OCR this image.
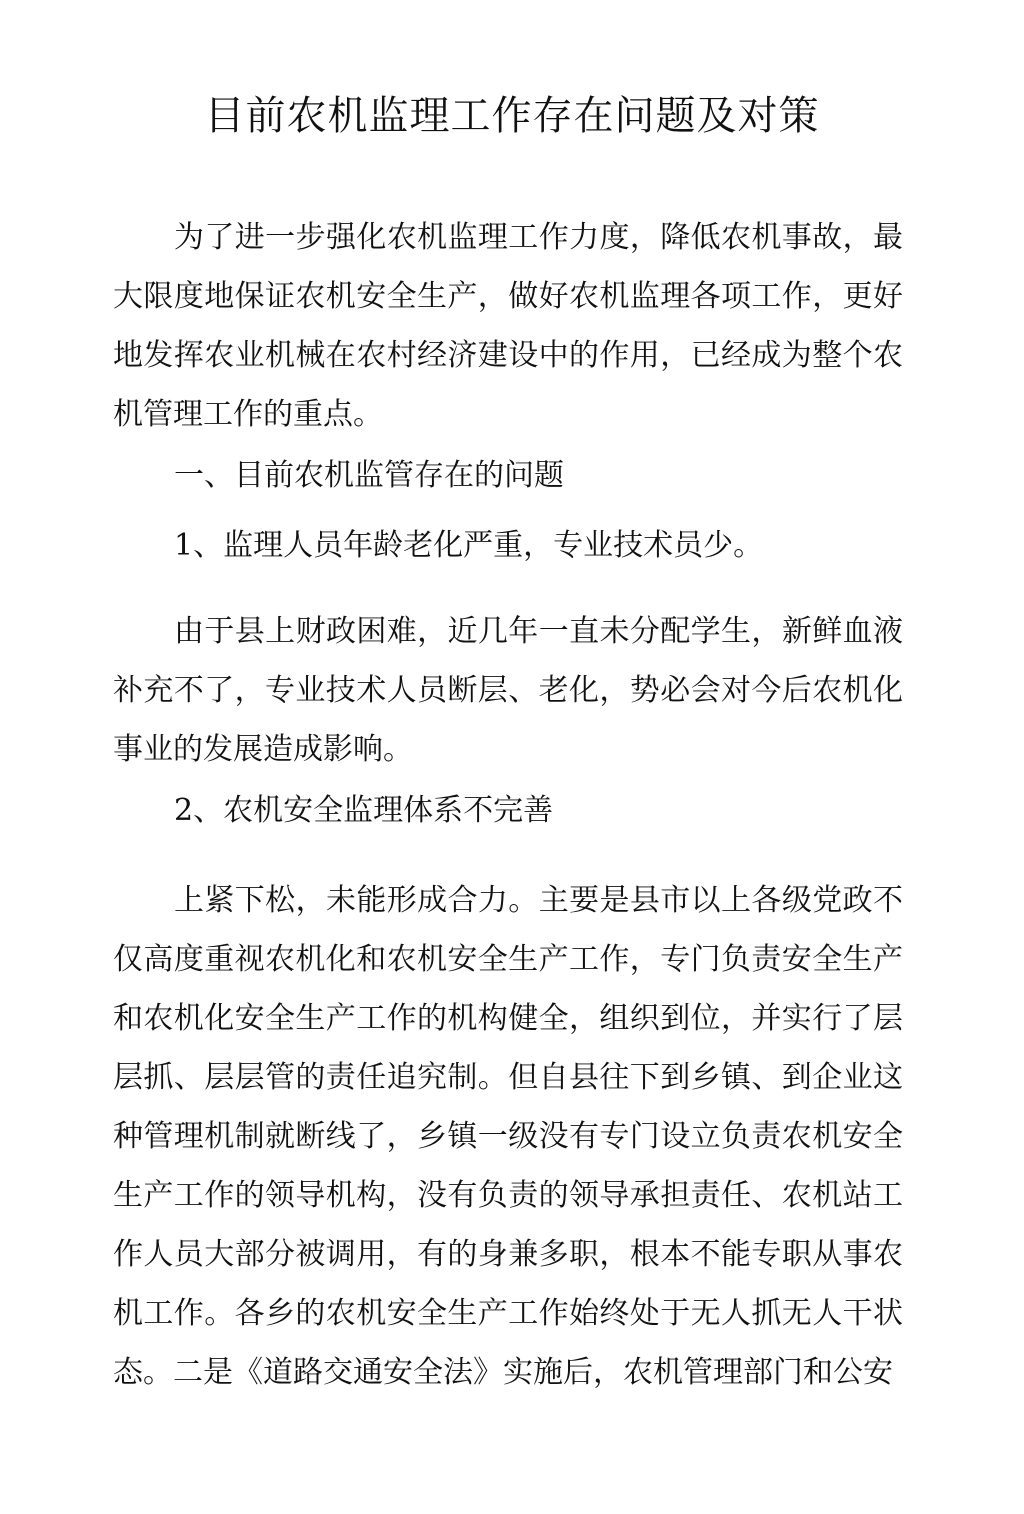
目前农机监理工作存在问题及对策

为了进一步强化农机监理工作力度，降低农机事故，最大限度地保证农机安全生产，做好农机监理各项工作，更好地发挥农业机械在农村经济建设中的作用，已经成为整个农机管理工作的重点。

一、目前农机监管存在的问题

1、监理人员年龄老化严重，专业技术员少。

由于县上财政困难，近几年一直未分配学生，新鲜血液补充不了，专业技术人员断层、老化，势必会对今后农机化事业的发展造成影响。

2、农机安全监理体系不完善

上紧下松，未能形成合力。主要是县市以上各级党政不仅高度重视农机化和农机安全生产工作，专门负责安全生产和农机化安全生产工作的机构健全，组织到位，并实行了层层抓、层层管的责任追究制。但自县往下到乡镇、到企业这种管理机制就断线了，乡镇一级没有专门设立负责农机安全生产工作的领导机构，没有负责的领导承担责任、农机站工作人员大部分被调用，有的身兼多职，根本不能专职从事农机工作。各乡的农机安全生产工作始终处于无人抓无人干状态。二是《道路交通安全法》实施后，农机管理部门和公安
